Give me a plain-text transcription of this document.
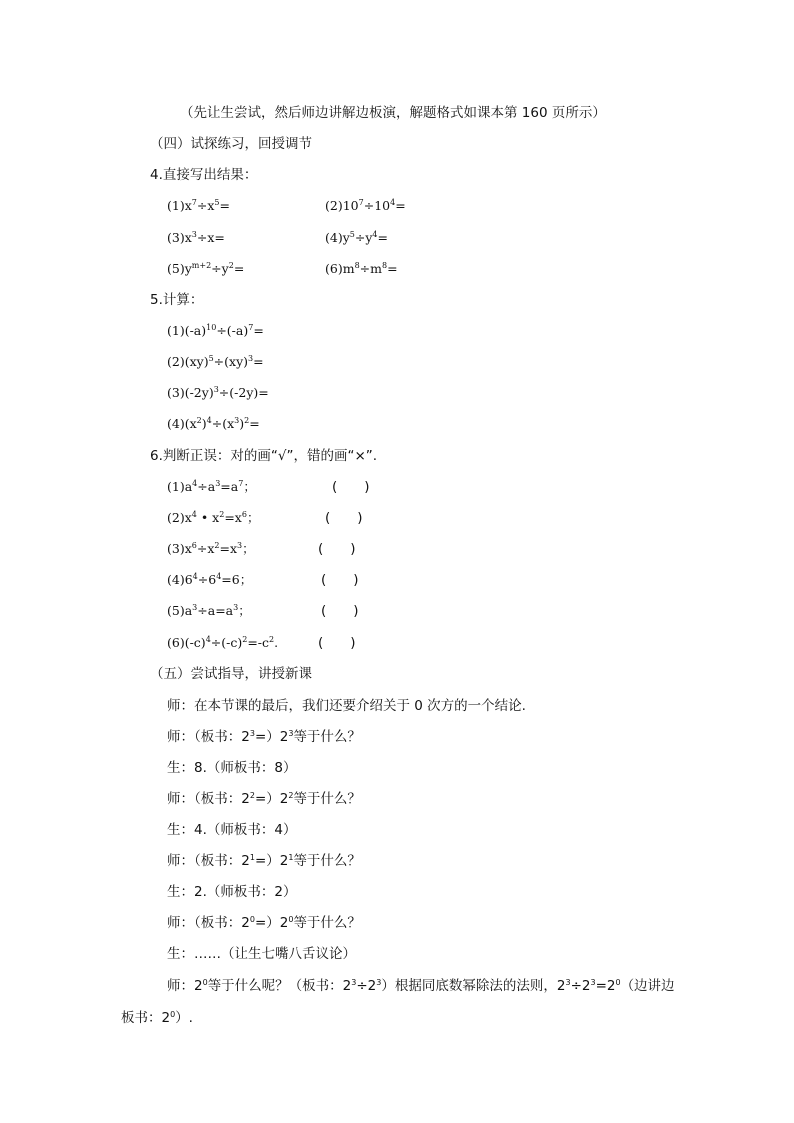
（先让生尝试，然后师边讲解边板演，解题格式如课本第 160 页所示）
（四）试探练习，回授调节
4.直接写出结果：
$(1)x^7\div x^5=$	$(2)10^7\div 10^4=$
$(3)x^3\div x=$	$(4)y^5\div y^4=$
$(5)y^{m+2}\div y^2=$	$(6)m^8\div m^8=$
5.计算：
$(1)(-a)^{10}\div(-a)^7=$
(2)(xy)$^5$÷(xy)$^3$=
$(3)(-2y)^3\div(-2y)=$
$(4)(x^2)^4\div(x^3)^2=$
6.判断正误：对的画“√”，错的画“×”.
$(1)a^4\div a^3=a^7$；	(　　)
$(2)x^4$ • $x^2=x^6$；	(　　)
$(3)x^6\div x^2=x^3$；	(　　)
$(4)6^4\div 6^4=6$；	(　　)
$(5)a^3\div a=a^3$；	(　　)
$(6)(-c)^4\div(-c)^2=-c^2$.	(　　)
（五）尝试指导，讲授新课
师：在本节课的最后，我们还要介绍关于 0 次方的一个结论.
师：（板书：$2^3=)2^3$等于什么？
生：8.（师板书：8）
师：（板书：$2^2=)2^2$等于什么？
生：4.（师板书：4）
师：（板书：$2^1=)2^1$等于什么？
生：2.（师板书：2）
师：（板书：$2^0=)2^0$等于什么？
生：……（让生七嘴八舌议论）
师：$2^0$等于什么呢？（板书：$2^3\div 2^3$）根据同底数幂除法的法则，$2^3\div 2^3=2^0$（边讲边
板书：$2^0$）.
